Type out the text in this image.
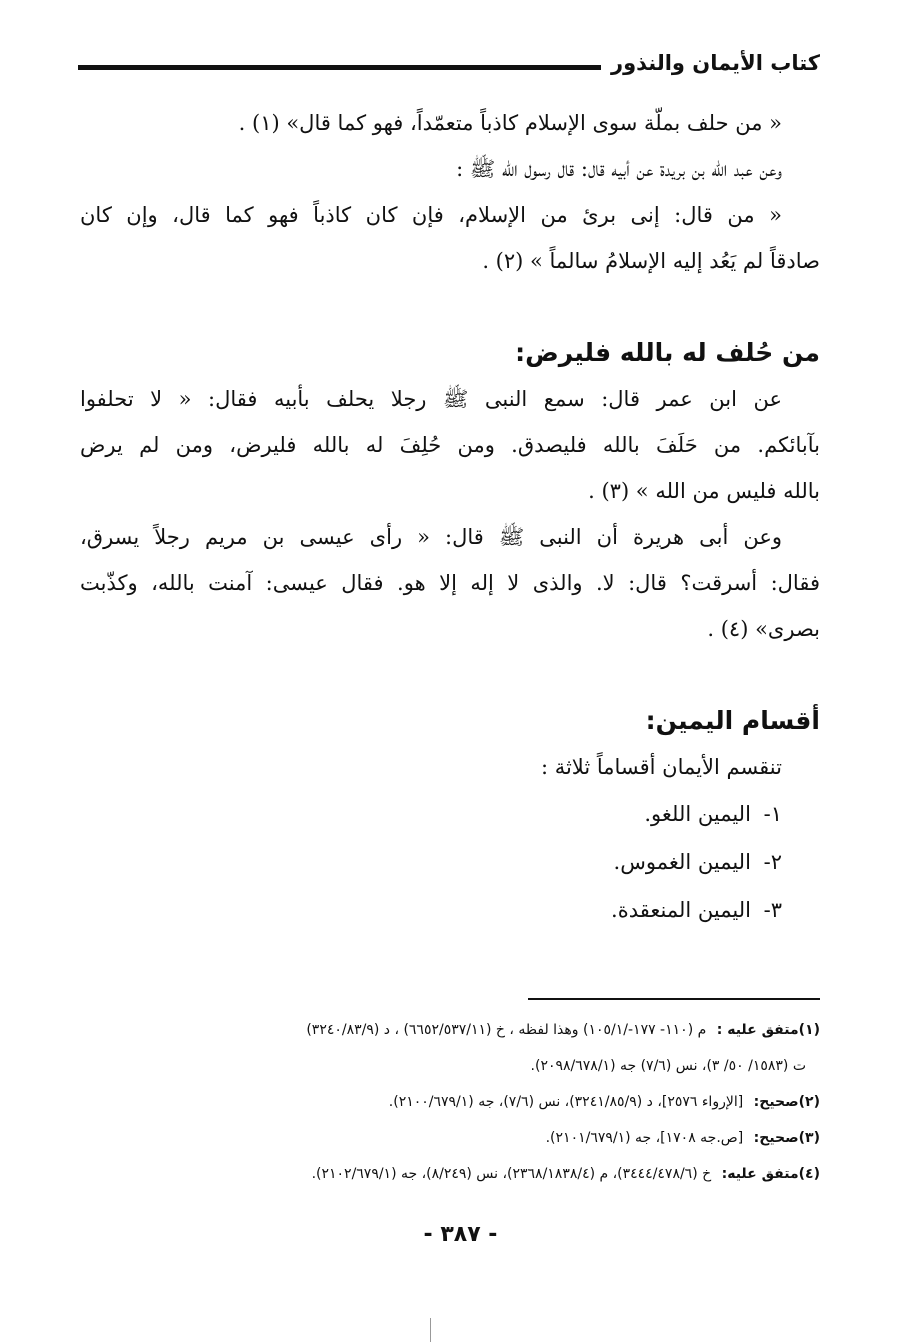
كتاب الأيمان والنذور
« من حلف بملّة سوى الإسلام كاذباً متعمّداً، فهو كما قال» (١) .
وعن عبد الله بن بريدة عن أبيه قال: قال رسول الله ﷺ :
« من قال: إنى برئ من الإسلام، فإن كان كاذباً فهو كما قال، وإن كان
صادقاً لم يَعُد إليه الإسلامُ سالماً » (٢) .
من حُلف له بالله فليرض:
عن ابن عمر قال: سمع النبى ﷺ رجلا يحلف بأبيه فقال: « لا تحلفوا
بآبائكم. من حَلَفَ بالله فليصدق. ومن حُلِفَ له بالله فليرض، ومن لم يرض
بالله فليس من الله » (٣) .
وعن أبى هريرة أن النبى ﷺ قال: « رأى عيسى بن مريم رجلاً يسرق،
فقال: أسرقت؟ قال: لا. والذى لا إله إلا هو. فقال عيسى: آمنت بالله، وكذّبت
بصرى» (٤) .
أقسام اليمين:
تنقسم الأيمان أقساماً ثلاثة :
١- اليمين اللغو.
٢- اليمين الغموس.
٣- اليمين المنعقدة.
(١)متفق عليه : م (١١٠- ١٧٧-/١٠٥/١) وهذا لفظه ، خ (٦٦٥٢/٥٣٧/١١) ، د (٣٢٤٠/٨٣/٩)
ت (١٥٨٣/ ٥٠/ ٣)، نس (٧/٦) جه (٢٠٩٨/٦٧٨/١).
(٢)صحيح: [الإرواء ٢٥٧٦]، د (٣٢٤١/٨٥/٩)، نس (٧/٦)، جه (٢١٠٠/٦٧٩/١).
(٣)صحيح: [ص.جه ١٧٠٨]، جه (٢١٠١/٦٧٩/١).
(٤)متفق عليه: خ (٣٤٤٤/٤٧٨/٦)، م (٢٣٦٨/١٨٣٨/٤)، نس (٨/٢٤٩)، جه (٢١٠٢/٦٧٩/١).
- ٣٨٧ -
